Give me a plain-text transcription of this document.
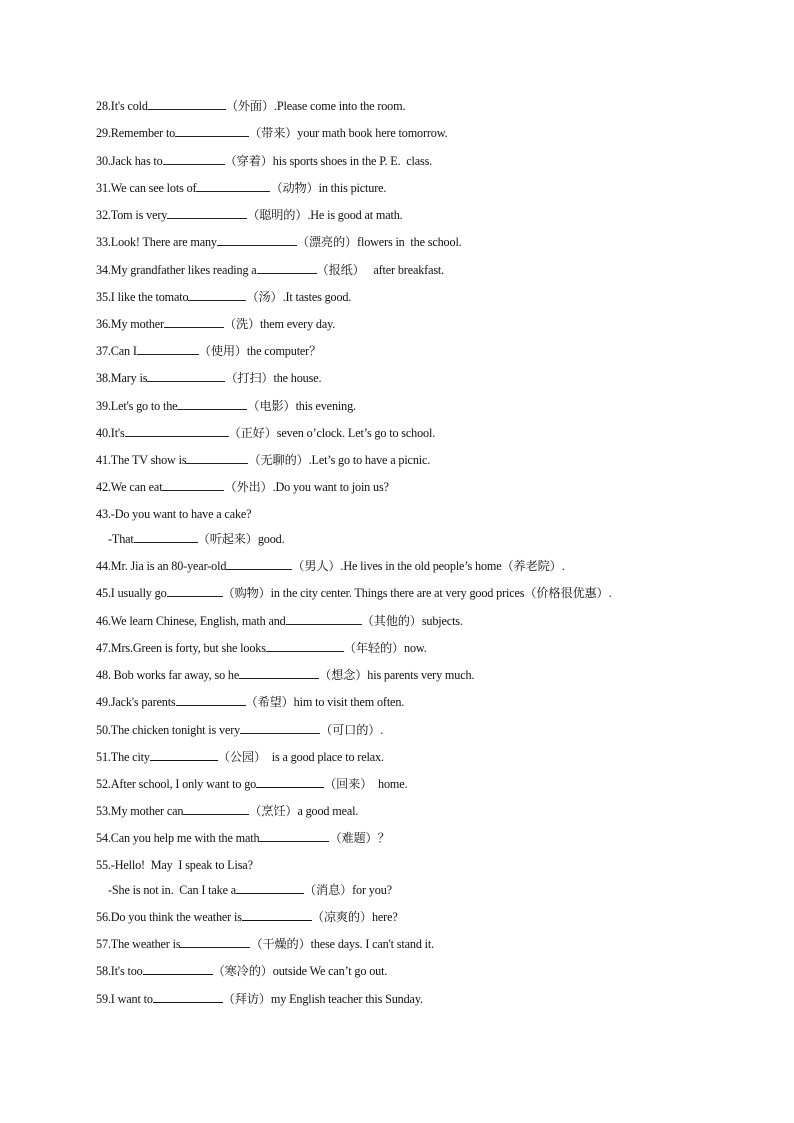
28.It's cold	（外面）.Please come into the room.
29.Remember to	（带来）your math book here tomorrow.
30.Jack has to	（穿着）his sports shoes in the P. E.  class.
31.We can see lots of	（动物）in this picture.
32.Tom is very	（聪明的）.He is good at math.
33.Look! There are many	（漂亮的）flowers in  the school.
34.My grandfather likes reading a	（报纸）   after breakfast.
35.I like the tomato	（汤）.It tastes good.
36.My mother	（洗）them every day.
37.Can I	（使用）the computer？
38.Mary is	（打扫）the house.
39.Let's go to the	（电影）this evening.
40.It's	（正好）seven o’clock. Let’s go to school.
41.The TV show is	（无聊的）.Let’s go to have a picnic.
42.We can eat	（外出）.Do you want to join us?
43.-Do you want to have a cake?
-That	（听起来）good.
44.Mr. Jia is an 80-year-old	（男人）.He lives in the old people’s home（养老院）.
45.I usually go	（购物）in the city center. Things there are at very good prices（价格很优惠）.
46.We learn Chinese, English, math and	（其他的）subjects.
47.Mrs.Green is forty, but she looks	（年轻的）now.
48. Bob works far away, so he	（想念）his parents very much.
49.Jack's parents	（希望）him to visit them often.
50.The chicken tonight is very	（可口的）.
51.The city	（公园）  is a good place to relax.
52.After school, I only want to go	（回来）  home.
53.My mother can	（烹饪）a good meal.
54.Can you help me with the math	（难题）？
55.-Hello!  May  I speak to Lisa?
-She is not in.  Can I take a	（消息）for you?
56.Do you think the weather is	（凉爽的）here?
57.The weather is	（干燥的）these days. I can't stand it.
58.It's too	（寒冷的）outside We can’t go out.
59.I want to	（拜访）my English teacher this Sunday.
